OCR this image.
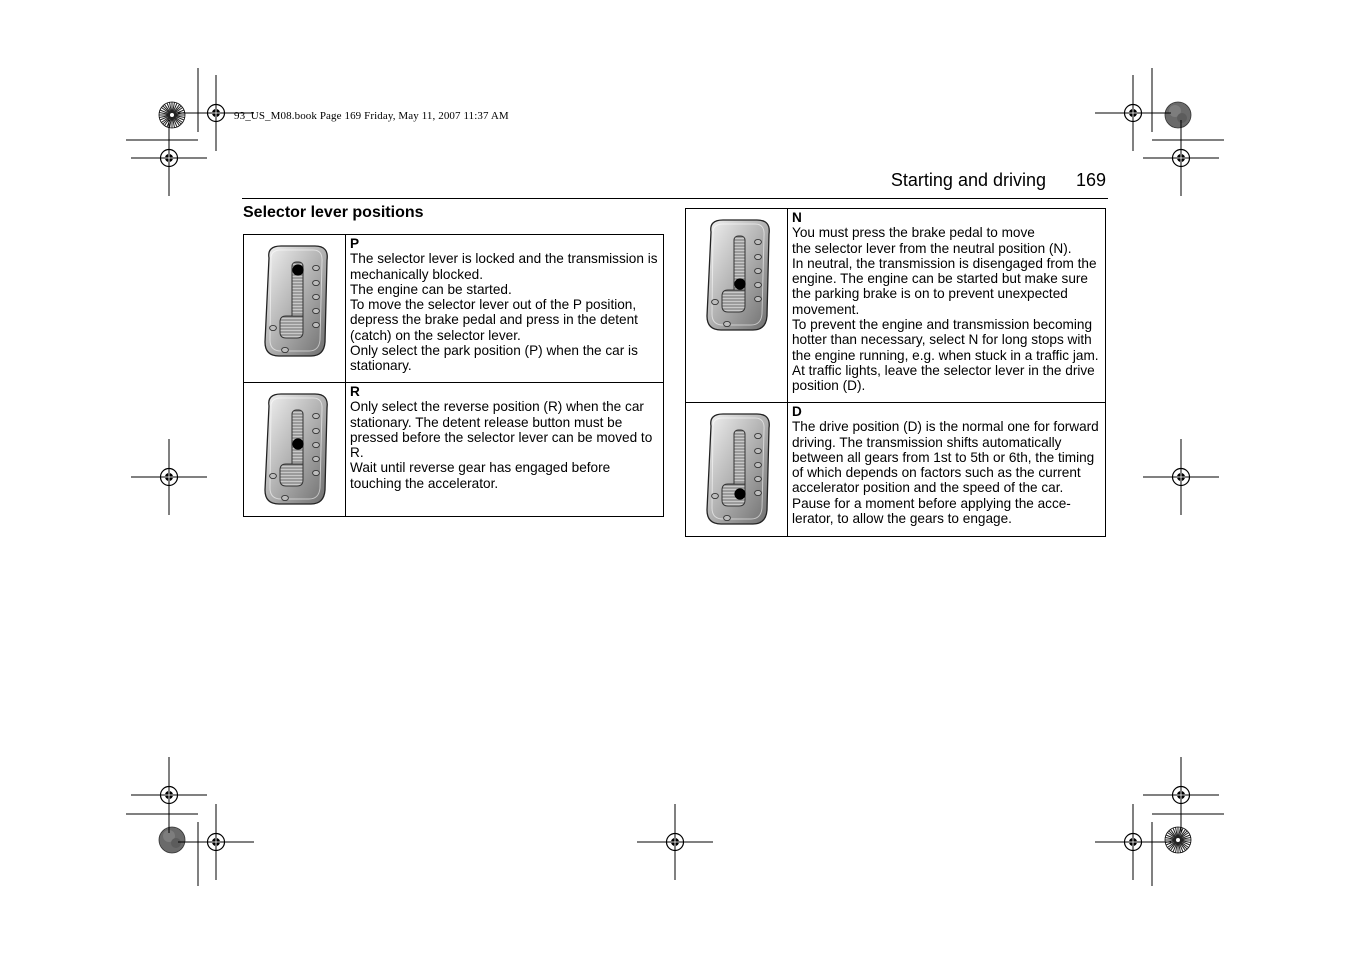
93_US_M08.book Page 169 Friday, May 11, 2007 11:37 AM
Starting and driving 169
Selector lever positions

P
The selector lever is locked and the transmission is mechanically blocked.
The engine can be started.
To move the selector lever out of the P position, depress the brake pedal and press in the detent (catch) on the selector lever.
Only select the park position (P) when the car is stationary.

R
Only select the reverse position (R) when the car stationary. The detent release button must be pressed before the selector lever can be moved to R.
Wait until reverse gear has engaged before touching the accelerator.

N
You must press the brake pedal to move
the selector lever from the neutral position (N).
In neutral, the transmission is disengaged from the engine. The engine can be started but make sure the parking brake is on to prevent unexpected movement.
To prevent the engine and transmission becoming hotter than necessary, select N for long stops with the engine running, e.g. when stuck in a traffic jam. At traffic lights, leave the selector lever in the drive position (D).

D
The drive position (D) is the normal one for forward driving. The transmission shifts automatically between all gears from 1st to 5th or 6th, the timing of which depends on factors such as the current accelerator position and the speed of the car. Pause for a moment before applying the acce-
lerator, to allow the gears to engage.
